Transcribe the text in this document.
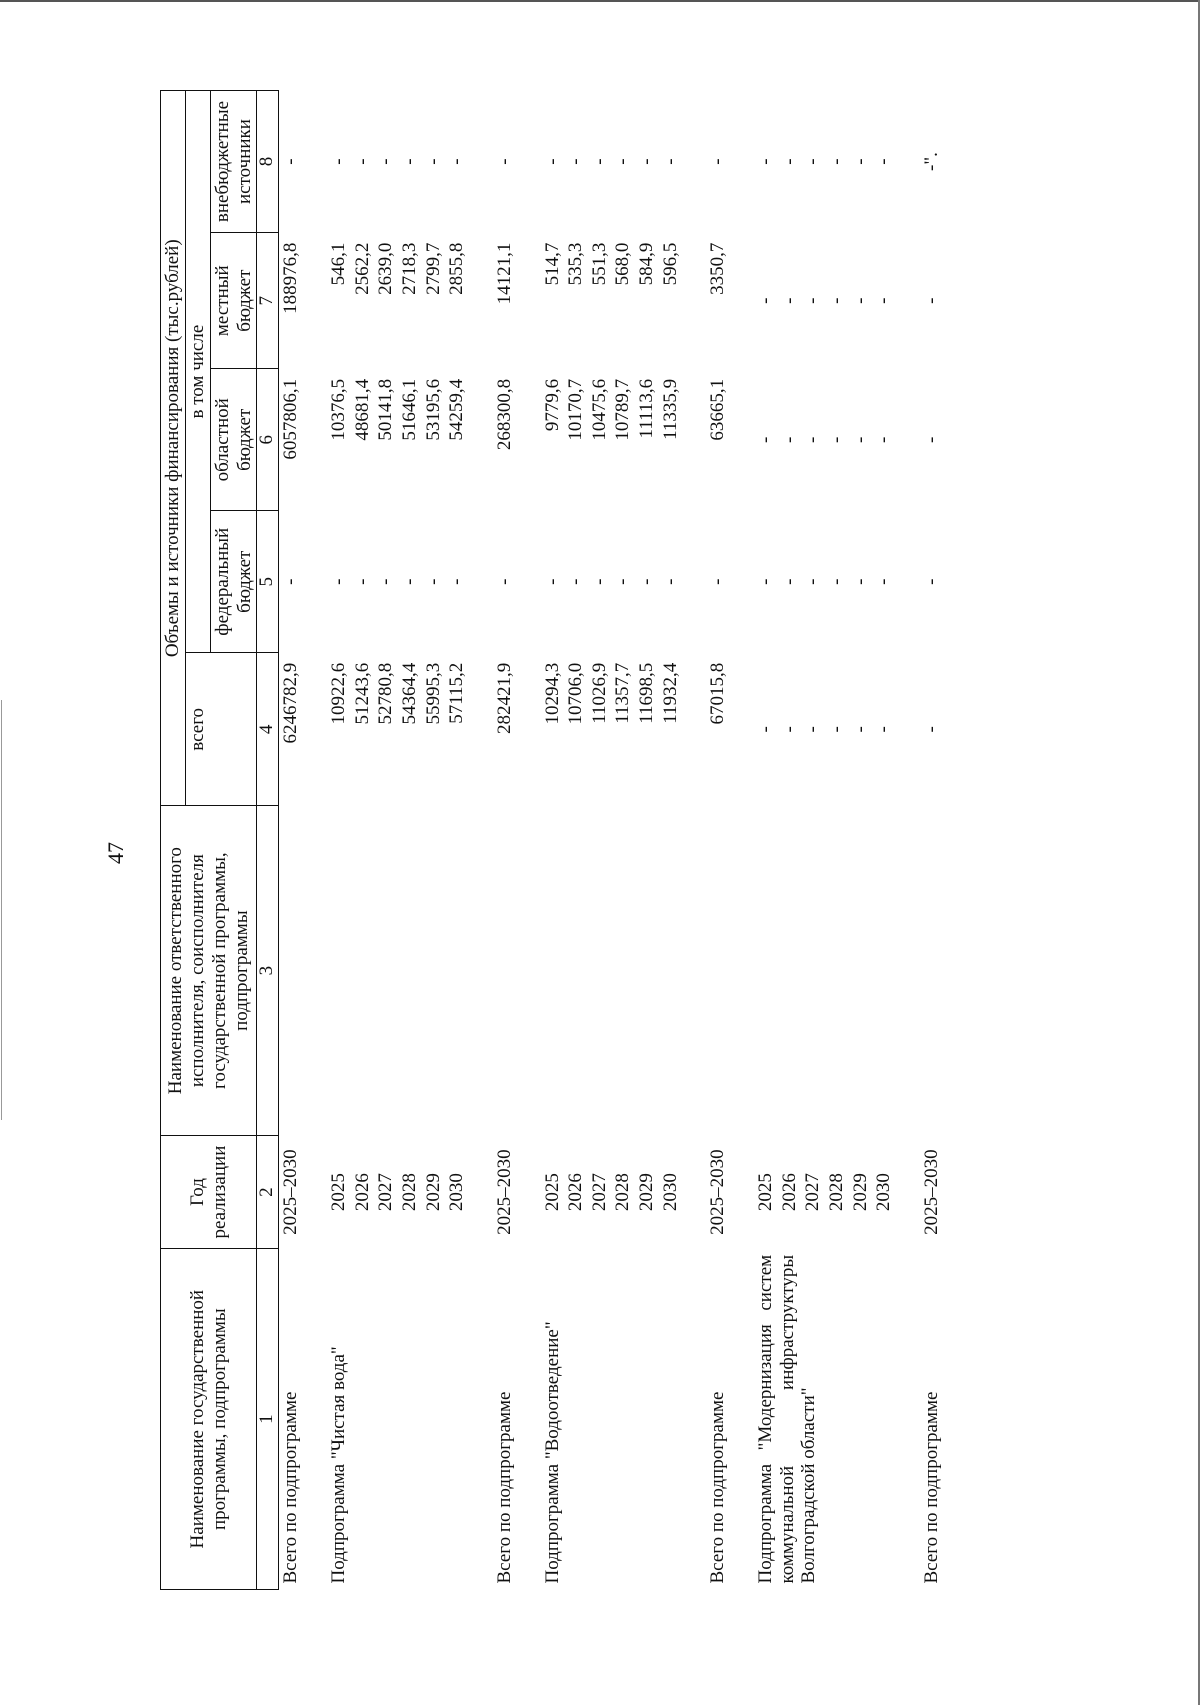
47
Наименование государственной программы, подпрограммы	Год реализации	Наименование ответственного исполнителя, соисполнителя государственной программы, подпрограммы	Объемы и источники финансирования (тыс.рублей)				
			всего	в том числе			
				федеральный бюджет	областной бюджет	местный бюджет	внебюджетные источники
1	2	3	4	5	6	7	8
Всего по подпрограмме	2025–2030		6246782,9	-	6057806,1	188976,8	-

Подпрограмма "Чистая вода"	2025		10922,6	-	10376,5	546,1	-
	2026		51243,6	-	48681,4	2562,2	-
	2027		52780,8	-	50141,8	2639,0	-
	2028		54364,4	-	51646,1	2718,3	-
	2029		55995,3	-	53195,6	2799,7	-
	2030		57115,2	-	54259,4	2855,8	-

Всего по подпрограмме	2025–2030		282421,9	-	268300,8	14121,1	-

Подпрограмма "Водоотведение"	2025		10294,3	-	9779,6	514,7	-
	2026		10706,0	-	10170,7	535,3	-
	2027		11026,9	-	10475,6	551,3	-
	2028		11357,7	-	10789,7	568,0	-
	2029		11698,5	-	11113,6	584,9	-
	2030		11932,4	-	11335,9	596,5	-

Всего по подпрограмме	2025–2030		67015,8	-	63665,1	3350,7	-

Подпрограмма "Модернизация систем коммунальной инфраструктуры Волгоградской области"	2025		-	-	-	-	-
	2026		-	-	-	-	-
	2027		-	-	-	-	-
	2028		-	-	-	-	-
	2029		-	-	-	-	-
	2030		-	-	-	-	-

Всего по подпрограмме	2025–2030		-	-	-	-	-".
